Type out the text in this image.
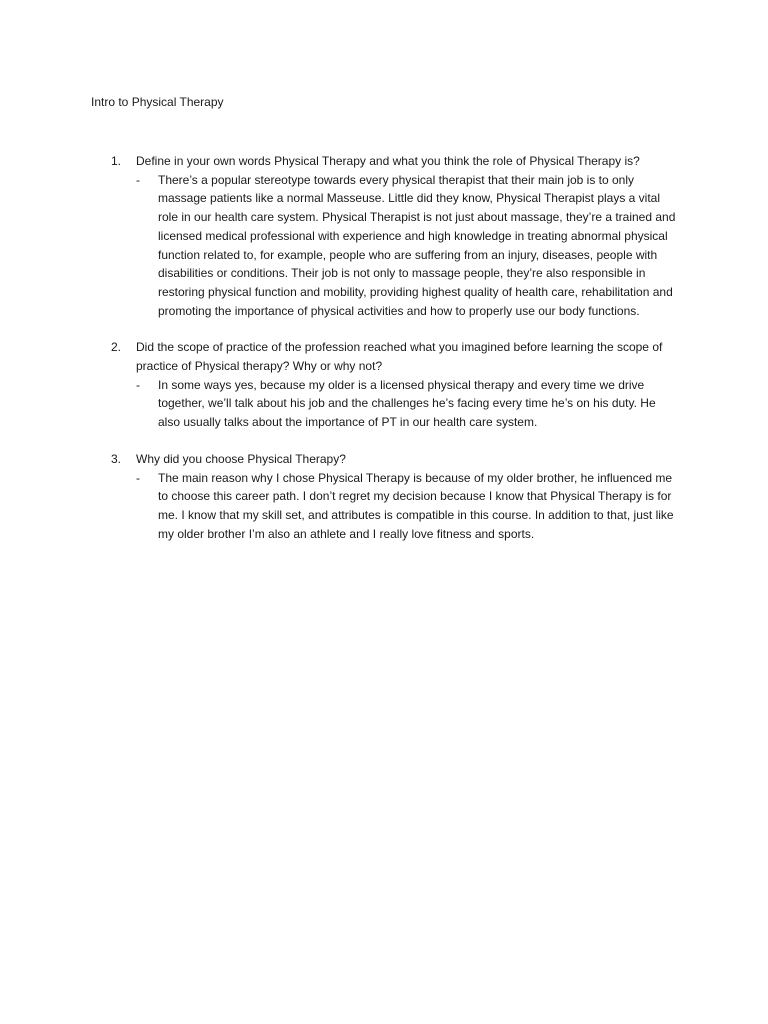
Intro to Physical Therapy
1. Define in your own words Physical Therapy and what you think the role of Physical Therapy is?
- There’s a popular stereotype towards every physical therapist that their main job is to only massage patients like a normal Masseuse. Little did they know, Physical Therapist plays a vital role in our health care system. Physical Therapist is not just about massage, they’re a trained and licensed medical professional with experience and high knowledge in treating abnormal physical function related to, for example, people who are suffering from an injury, diseases, people with disabilities or conditions. Their job is not only to massage people, they’re also responsible in restoring physical function and mobility, providing highest quality of health care, rehabilitation and promoting the importance of physical activities and how to properly use our body functions.
2. Did the scope of practice of the profession reached what you imagined before learning the scope of practice of Physical therapy? Why or why not?
- In some ways yes, because my older is a licensed physical therapy and every time we drive together, we’ll talk about his job and the challenges he’s facing every time he’s on his duty. He also usually talks about the importance of PT in our health care system.
3. Why did you choose Physical Therapy?
- The main reason why I chose Physical Therapy is because of my older brother, he influenced me to choose this career path. I don’t regret my decision because I know that Physical Therapy is for me. I know that my skill set, and attributes is compatible in this course. In addition to that, just like my older brother I’m also an athlete and I really love fitness and sports.
